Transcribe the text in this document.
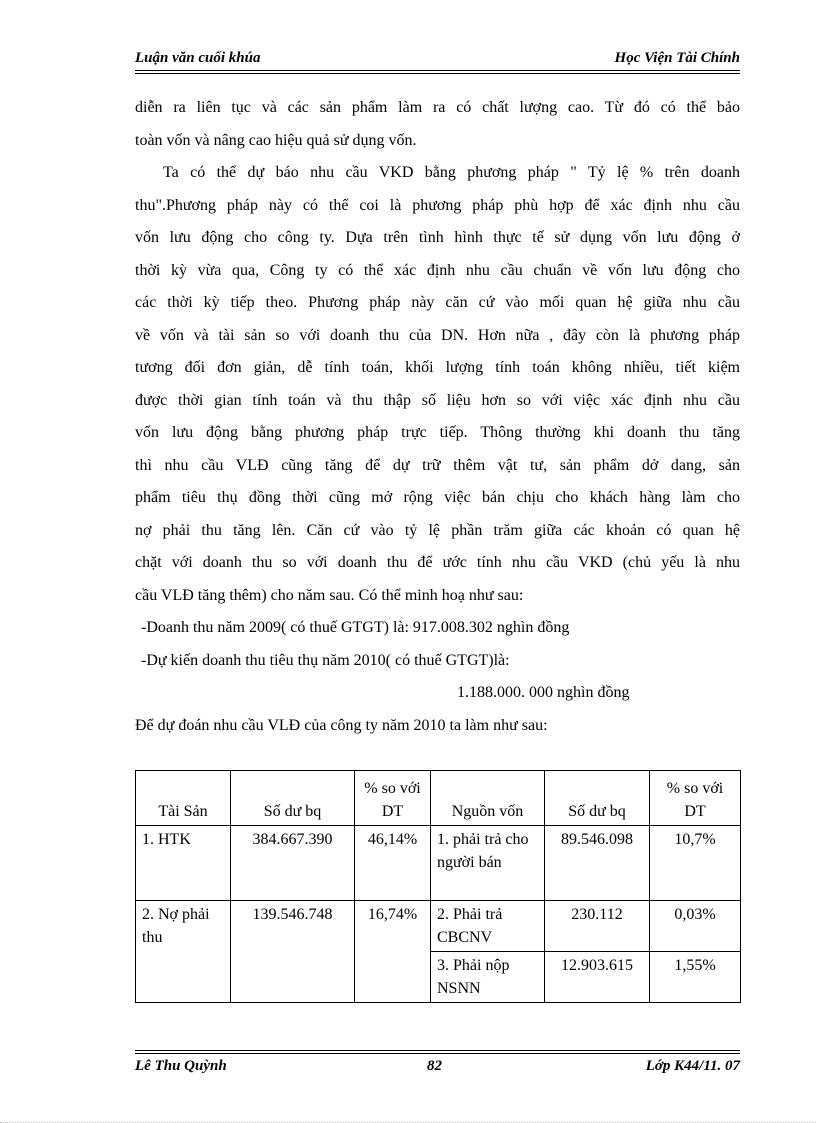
Luận văn cuối khúa	Học Viện Tài Chính
diễn ra liên tục và các sản phẩm làm ra có chất lượng cao. Từ đó có thể bảo
toàn vốn và nâng cao hiệu quả sử dụng vốn.
Ta có thể dự báo nhu cầu VKD bằng phương pháp " Tỷ lệ % trên doanh
thu".Phương pháp này có thể coi là phương pháp phù hợp để xác định nhu cầu
vốn lưu động cho công ty. Dựa trên tình hình thực tế sử dụng vốn lưu động ở
thời kỳ vừa qua, Công ty có thể xác định nhu cầu chuẩn về vốn lưu động cho
các thời kỳ tiếp theo. Phương pháp này căn cứ vào mối quan hệ giữa nhu cầu
về vốn và tài sản so với doanh thu của DN. Hơn nữa , đây còn là phương pháp
tương đối đơn giản, dễ tính toán, khối lượng tính toán không nhiều, tiết kiệm
được thời gian tính toán và thu thập số liệu hơn so với việc xác định nhu cầu
vốn lưu động bằng phương pháp trực tiếp. Thông thường khi doanh thu tăng
thì nhu cầu VLĐ cũng tăng để dự trữ thêm vật tư, sản phẩm dở dang, sản
phẩm tiêu thụ đồng thời cũng mở rộng việc bán chịu cho khách hàng làm cho
nợ phải thu tăng lên. Căn cứ vào tỷ lệ phần trăm giữa các khoản có quan hệ
chặt với doanh thu so với doanh thu để ước tính nhu cầu VKD (chủ yếu là nhu
cầu VLĐ tăng thêm) cho năm sau. Có thể minh hoạ như sau:
-Doanh thu năm 2009( có thuế GTGT) là: 917.008.302 nghìn đồng
-Dự kiến doanh thu tiêu thụ năm 2010( có thuế GTGT)là:
1.188.000. 000 nghìn đồng
Để dự đoán nhu cầu VLĐ của công ty năm 2010 ta làm như sau:
Tài Sản	Số dư bq	% so với DT	Nguồn vốn	Số dư bq	% so với DT
1. HTK	384.667.390	46,14%	1. phải trả cho người bán	89.546.098	10,7%
2. Nợ phải thu	139.546.748	16,74%	2. Phải trả CBCNV	230.112	0,03%
			3. Phải nộp NSNN	12.903.615	1,55%
Lê Thu Quỳnh	82	Lớp K44/11. 07
